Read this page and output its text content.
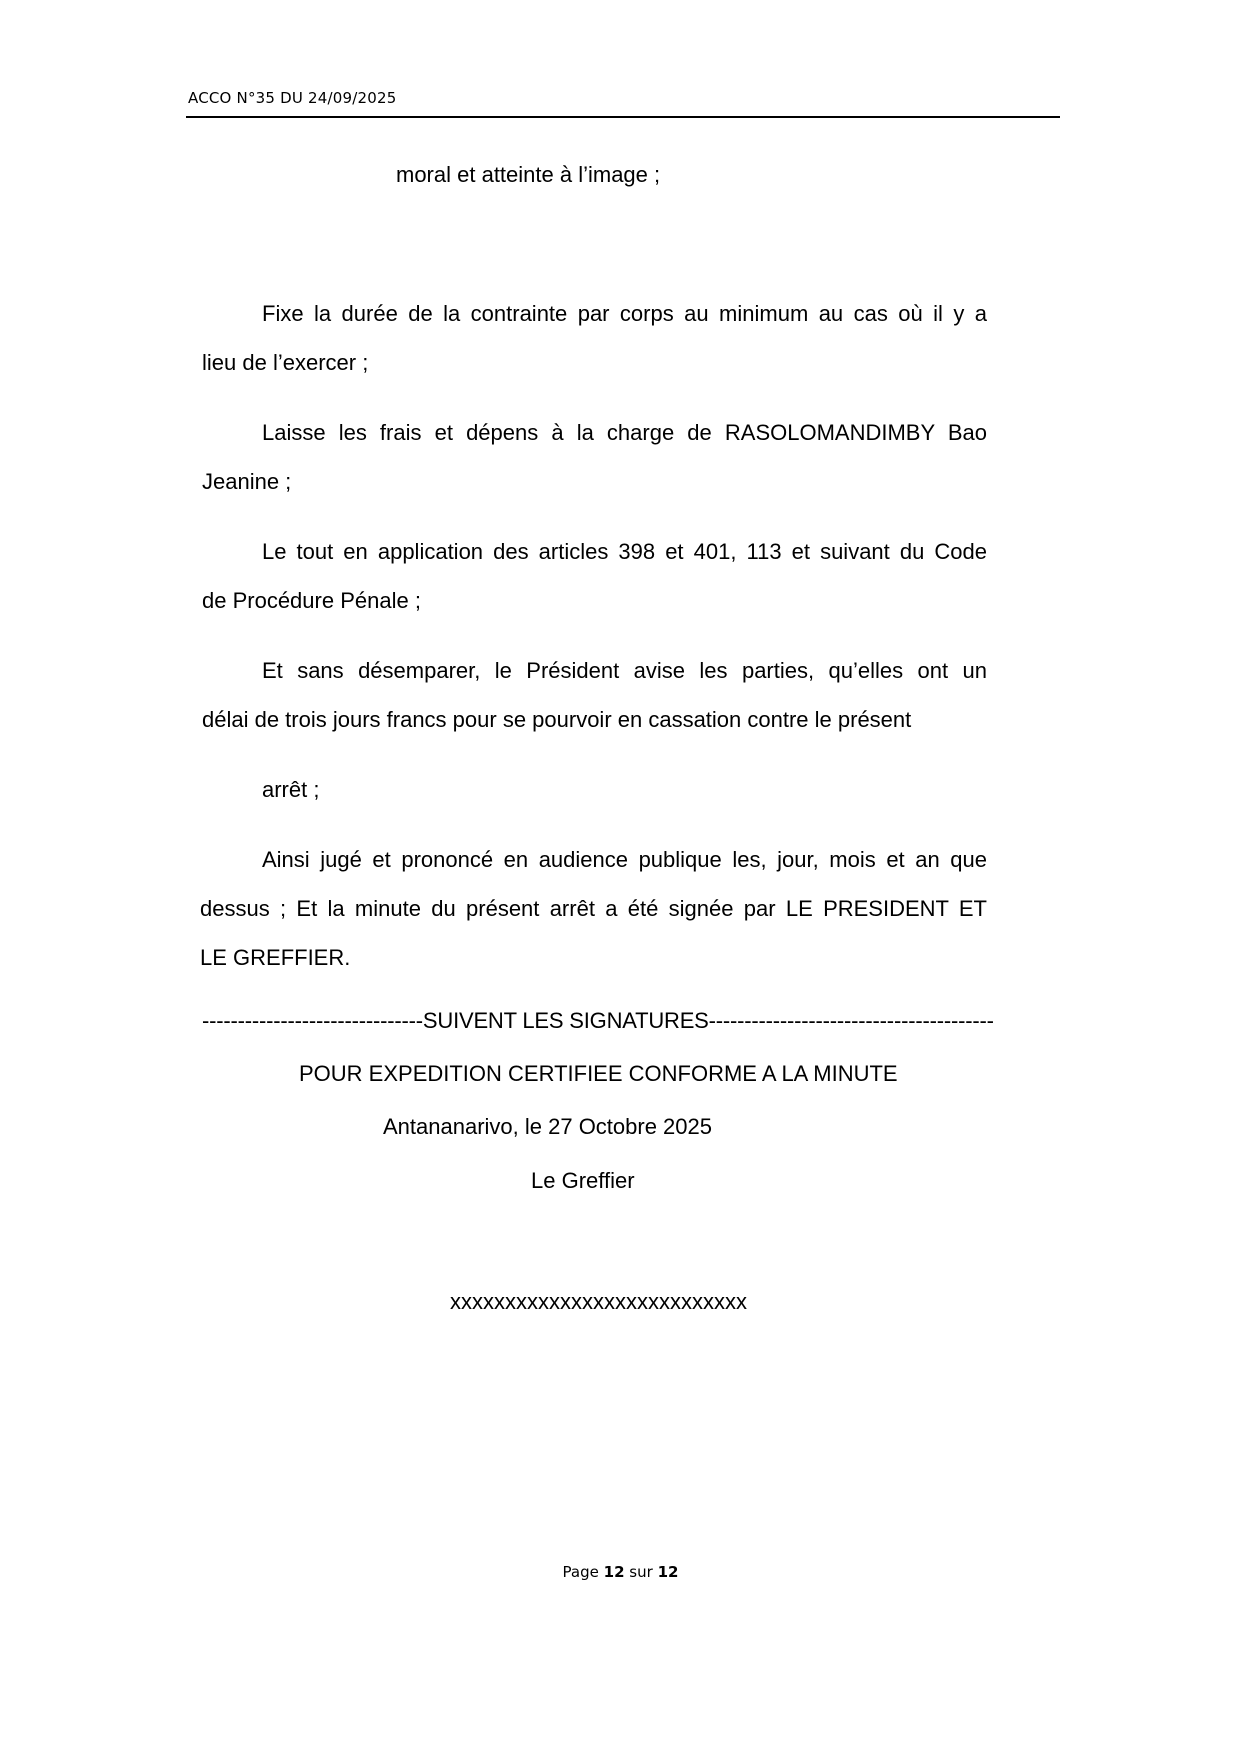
ACCO N°35 DU 24/09/2025
moral et atteinte à l’image ;
Fixe la durée de la contrainte par corps au minimum au cas où il y a
lieu de l’exercer ;
Laisse les frais et dépens à la charge de RASOLOMANDIMBY Bao
Jeanine ;
Le tout en application des articles 398 et 401, 113 et suivant du Code
de Procédure Pénale ;
Et sans désemparer, le Président avise les parties, qu’elles ont un
délai de trois jours francs pour se pourvoir en cassation contre le présent
arrêt ;
Ainsi jugé et prononcé en audience publique les, jour, mois et an que
dessus ; Et la minute du présent arrêt a été signée par LE PRESIDENT ET
LE GREFFIER.
-------------------------------SUIVENT LES SIGNATURES----------------------------------------
POUR EXPEDITION CERTIFIEE CONFORME A LA MINUTE
Antananarivo, le 27 Octobre 2025
Le Greffier
xxxxxxxxxxxxxxxxxxxxxxxxxxx
Page 12 sur 12
